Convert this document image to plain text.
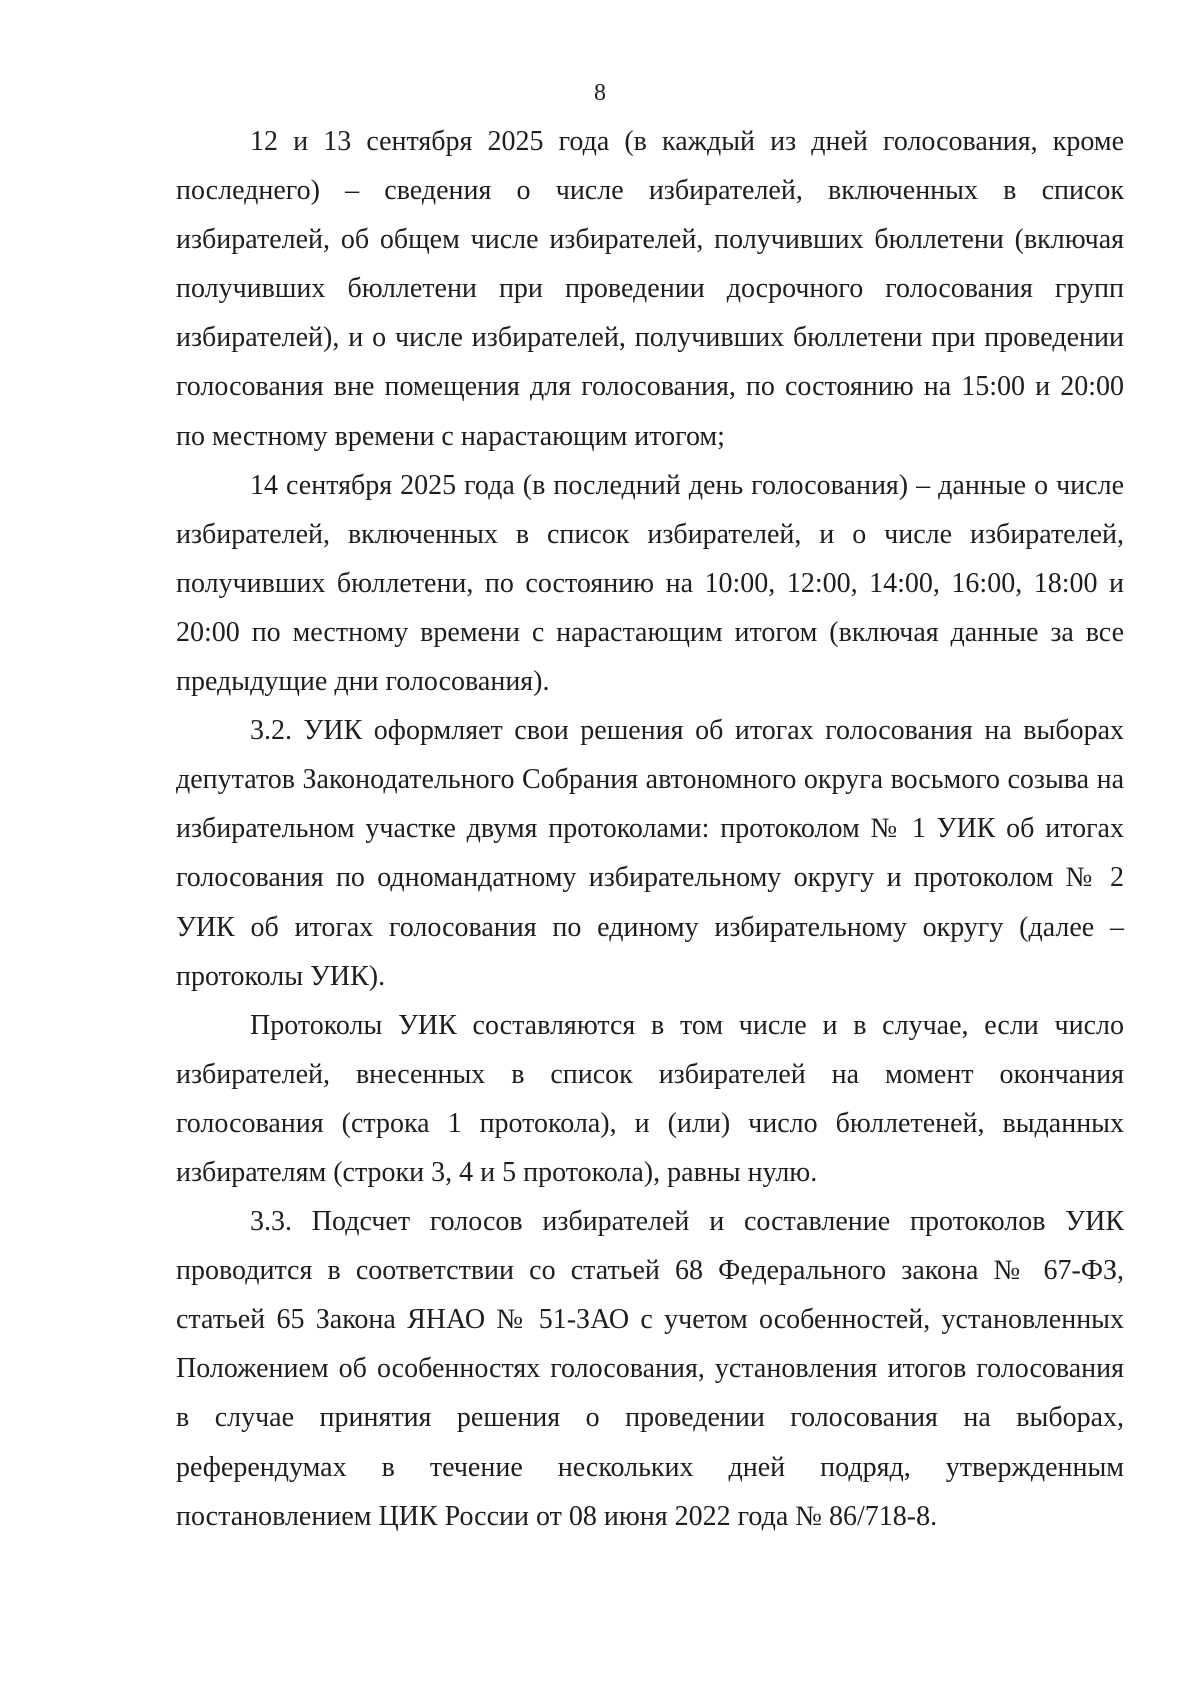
8

12 и 13 сентября 2025 года (в каждый из дней голосования, кроме последнего) – сведения о числе избирателей, включенных в список избирателей, об общем числе избирателей, получивших бюллетени (включая получивших бюллетени при проведении досрочного голосования групп избирателей), и о числе избирателей, получивших бюллетени при проведении голосования вне помещения для голосования, по состоянию на 15:00 и 20:00 по местному времени с нарастающим итогом;

14 сентября 2025 года (в последний день голосования) – данные о числе избирателей, включенных в список избирателей, и о числе избирателей, получивших бюллетени, по состоянию на 10:00, 12:00, 14:00, 16:00, 18:00 и 20:00 по местному времени с нарастающим итогом (включая данные за все предыдущие дни голосования).

3.2. УИК оформляет свои решения об итогах голосования на выборах депутатов Законодательного Собрания автономного округа восьмого созыва на избирательном участке двумя протоколами: протоколом № 1 УИК об итогах голосования по одномандатному избирательному округу и протоколом № 2 УИК об итогах голосования по единому избирательному округу (далее – протоколы УИК).

Протоколы УИК составляются в том числе и в случае, если число избирателей, внесенных в список избирателей на момент окончания голосования (строка 1 протокола), и (или) число бюллетеней, выданных избирателям (строки 3, 4 и 5 протокола), равны нулю.

3.3. Подсчет голосов избирателей и составление протоколов УИК проводится в соответствии со статьей 68 Федерального закона № 67-ФЗ, статьей 65 Закона ЯНАО № 51-ЗАО с учетом особенностей, установленных Положением об особенностях голосования, установления итогов голосования в случае принятия решения о проведении голосования на выборах, референдумах в течение нескольких дней подряд, утвержденным постановлением ЦИК России от 08 июня 2022 года № 86/718-8.
